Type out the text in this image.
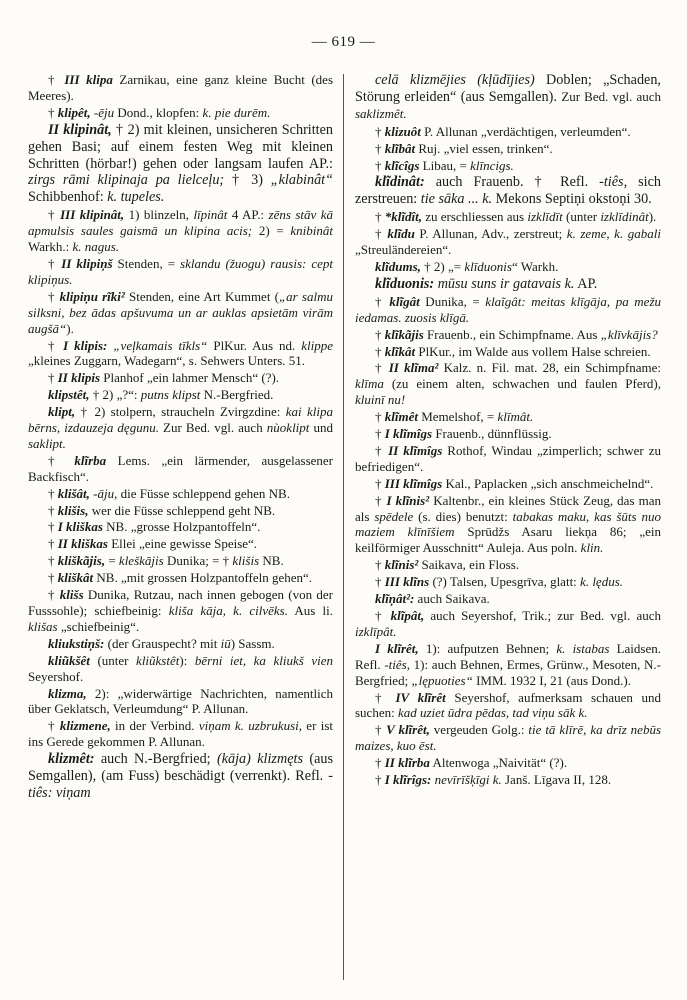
— 619 —

† III klipa Zarnikau, eine ganz kleine Bucht (des Meeres).

† klipêt, -ēju Dond., klopfen: k. pie durēm.

II klipinât, † 2) mit kleinen, unsicheren Schritten gehen Basi; auf einem festen Weg mit kleinen Schritten (hörbar!) gehen oder langsam laufen AP.: zirgs rāmi klipinaja pa lielceļu; † 3) „klabinât“ Schibbenhof: k. tupeles.

† III klipinât, 1) blinzeln, līpinât 4 AP.: zēns stāv kā apmulsis saules gaismā un klipina acis; 2) = knibinât Warkh.: k. nagus.

† II klipiņš Stenden, = sklandu (žuogu) rausis: cept klipiņus.

† klipiņu rĩki² Stenden, eine Art Kummet („ar salmu silksni, bez ādas apšuvuma un ar auklas apsietām virām augšā“).

† I klipis: „veļkamais tīkls“ PlKur. Aus nd. klippe „kleines Zuggarn, Wadegarn“, s. Sehwers Unters. 51.

† II klipis Planhof „ein lahmer Mensch“ (?).

klipstêt, † 2) „?“: putns klipst N.-Bergfried.

klipt, † 2) stolpern, straucheln Zvirgzdine: kai klipa bērns, izdauzeja dęgunu. Zur Bed. vgl. auch nùoklipt und saklipt.

† klĩrba Lems. „ein lärmender, ausgelassener Backfisch“.

† klišât, -āju, die Füsse schleppend gehen NB.

† klišis, wer die Füsse schleppend geht NB.

† I kliškas NB. „grosse Holzpantoffeln“.

† II kliškas Ellei „eine gewisse Speise“.

† kliškãjis, = kleškājis Dunika; = † klišis NB.

† kliškât NB. „mit grossen Holzpantoffeln gehen“.

† klišs Dunika, Rutzau, nach innen gebogen (von der Fusssohle); schiefbeinig: kliša kāja, k. cilvēks. Aus li. klišas „schiefbeinig“.

kliukstiņš: (der Grauspecht? mit iū) Sassm.

kliũkšêt (unter kliũkstêt): bērni iet, ka kliukš vien Seyershof.

klizma, 2): „widerwärtige Nachrichten, namentlich über Geklatsch, Verleumdung“ P. Allunan.

† klizmene, in der Verbind. viņam k. uzbrukusi, er ist ins Gerede gekommen P. Allunan.

klizmêt: auch N.-Bergfried; (kāja) klizmęts (aus Semgallen), (am Fuss) beschädigt (verrenkt). Refl. -tiês: viņam

celā klizmējies (kļūdījies) Doblen; „Schaden, Störung erleiden“ (aus Semgallen). Zur Bed. vgl. auch saklizmêt.

† klizuôt P. Allunan „verdächtigen, verleumden“.

† klĩbât Ruj. „viel essen, trinken“.

† klĩcîgs Libau, = klīncigs.

klĩdinât: auch Frauenb. † Refl. -tiês, sich zerstreuen: tie sāka ... k. Mekons Septiņi okstoņi 30.

† *klĩdît, zu erschliessen aus izklīdīt (unter izklīdinât).

† klĩdu P. Allunan, Adv., zerstreut; k. zeme, k. gabali „Streuländereien“.

klĩdums, † 2) „= klīduonis“ Warkh.

klĩduonis: mūsu suns ir gatavais k. AP.

† klĩgât Dunika, = klaĩgât: meitas klīgāja, pa mežu iedamas. zuosis klīgā.

† klĩkãjis Frauenb., ein Schimpfname. Aus „klīvkājis?

† klĩkât PlKur., im Walde aus vollem Halse schreien.

† II klĩma² Kalz. n. Fil. mat. 28, ein Schimpfname: klīma (zu einem alten, schwachen und faulen Pferd), kluinī nu!

† klĩmêt Memelshof, = klīmât.

† I klĩmîgs Frauenb., dünnflüssig.

† II klĩmîgs Rothof, Windau „zimperlich; schwer zu befriedigen“.

† III klĩmîgs Kal., Paplacken „sich anschmeichelnd“.

† I klĩnis² Kaltenbr., ein kleines Stück Zeug, das man als spēdele (s. dies) benutzt: tabakas maku, kas šūts nuo maziem klīnīšiem Sprūdžs Asaru liekņa 86; „ein keilförmiger Ausschnitt“ Auleja. Aus poln. klin.

† klĩnis² Saikava, ein Floss.

† III klĩns (?) Talsen, Upesgrīva, glatt: k. lędus.

klĩņât²: auch Saikava.

† klĩpât, auch Seyershof, Trik.; zur Bed. vgl. auch izklīpât.

I klĩrêt, 1): aufputzen Behnen; k. istabas Laidsen. Refl. -tiês, 1): auch Behnen, Ermes, Grünw., Mesoten, N.-Bergfried; „lępuoties“ IMM. 1932 I, 21 (aus Dond.).

† IV klĩrêt Seyershof, aufmerksam schauen und suchen: kad uziet ūdra pēdas, tad viņu sāk k.

† V klĩrêt, vergeuden Golg.: tie tā klīrē, ka drīz nebūs maizes, kuo ēst.

† II klĩrba Altenwoga „Naivität“ (?).

† I klĩrîgs: nevīrīšķīgi k. Janš. Līgava II, 128.
